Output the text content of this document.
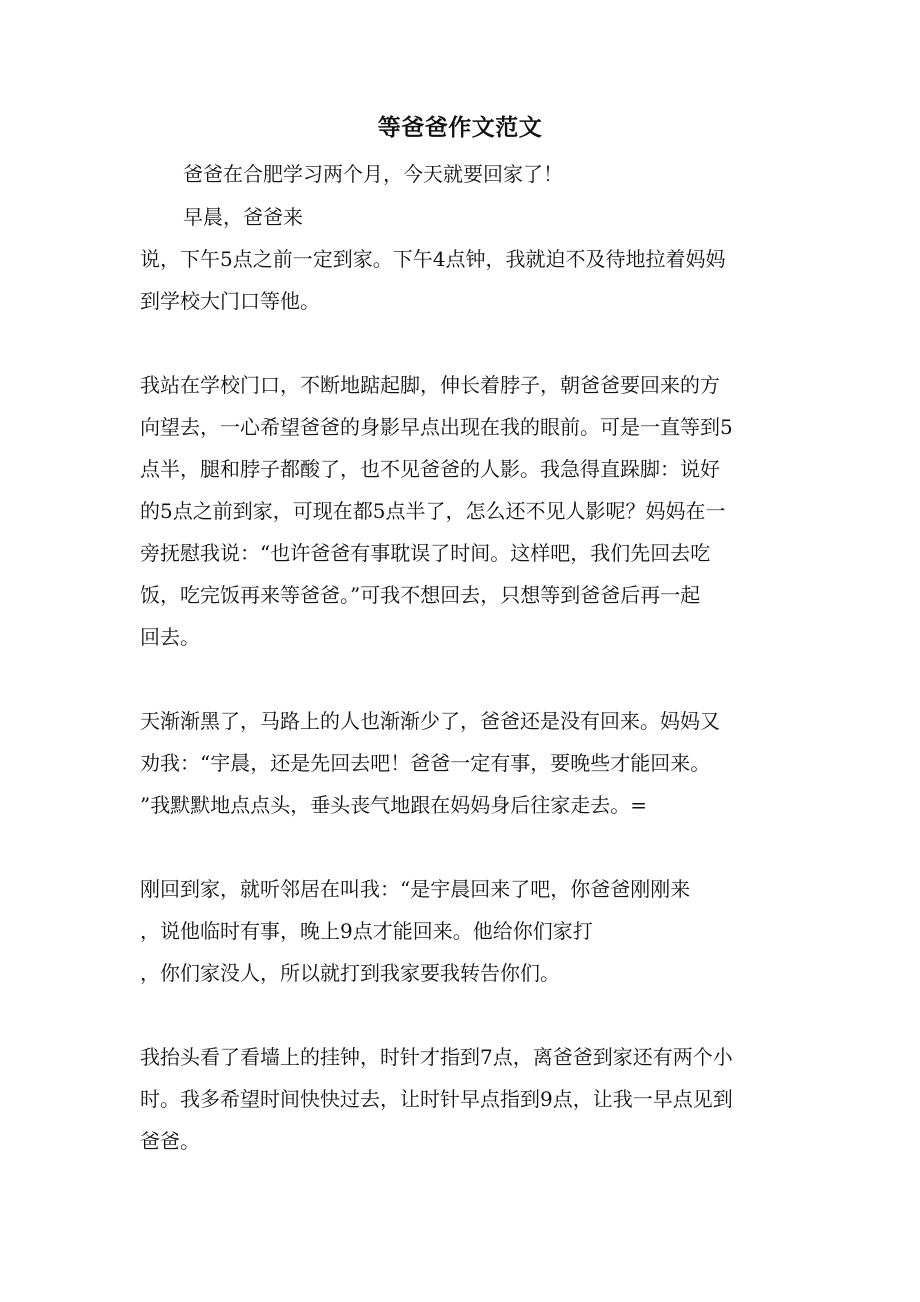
等爸爸作文范文
爸爸在合肥学习两个月，今天就要回家了！
早晨，爸爸来
说，下午5点之前一定到家。下午4点钟，我就迫不及待地拉着妈妈
到学校大门口等他。
我站在学校门口，不断地踮起脚，伸长着脖子，朝爸爸要回来的方
向望去，一心希望爸爸的身影早点出现在我的眼前。可是一直等到5
点半，腿和脖子都酸了，也不见爸爸的人影。我急得直跺脚：说好
的5点之前到家，可现在都5点半了，怎么还不见人影呢？妈妈在一
旁抚慰我说：“也许爸爸有事耽误了时间。这样吧，我们先回去吃
饭，吃完饭再来等爸爸。”可我不想回去，只想等到爸爸后再一起
回去。
天渐渐黑了，马路上的人也渐渐少了，爸爸还是没有回来。妈妈又
劝我：“宇晨，还是先回去吧！爸爸一定有事，要晚些才能回来。
”我默默地点点头，垂头丧气地跟在妈妈身后往家走去。=
刚回到家，就听邻居在叫我：“是宇晨回来了吧，你爸爸刚刚来
，说他临时有事，晚上9点才能回来。他给你们家打
，你们家没人，所以就打到我家要我转告你们。
我抬头看了看墙上的挂钟，时针才指到7点，离爸爸到家还有两个小
时。我多希望时间快快过去，让时针早点指到9点，让我一早点见到
爸爸。
